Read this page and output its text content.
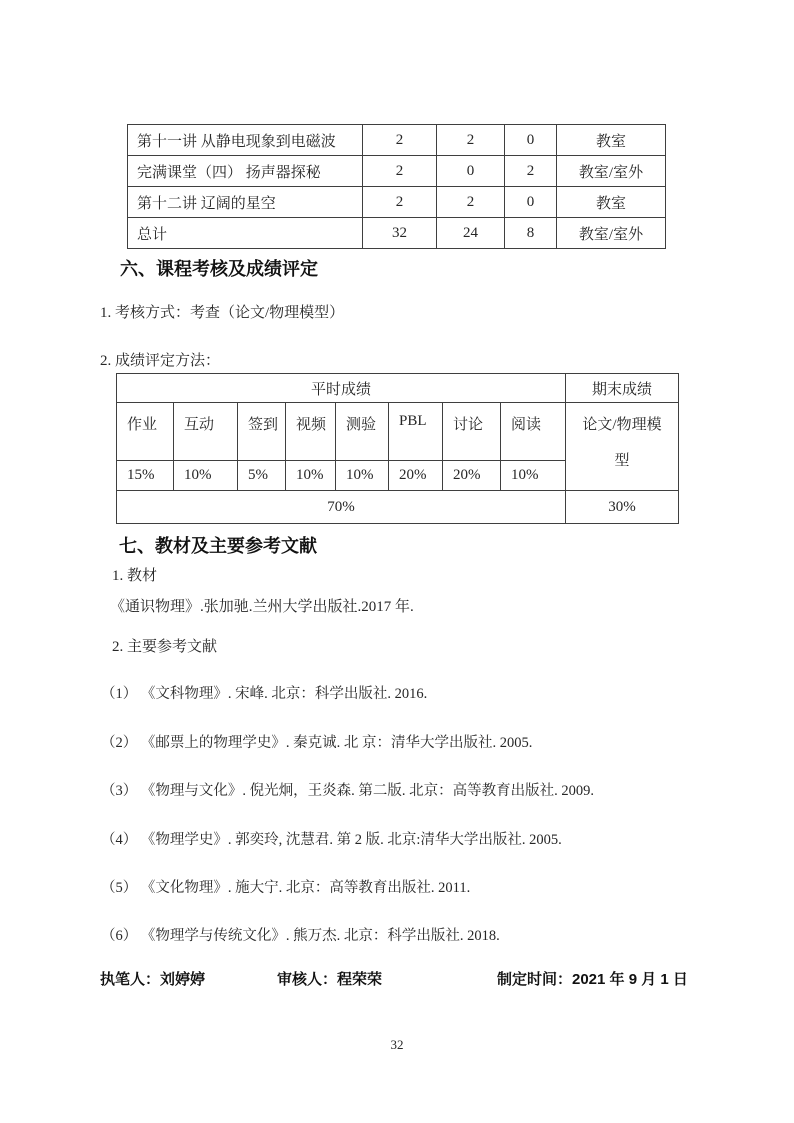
第十一讲 从静电现象到电磁波	2	2	0	教室
完满课堂（四） 扬声器探秘	2	0	2	教室/室外
第十二讲 辽阔的星空	2	2	0	教室
总计	32	24	8	教室/室外
六、课程考核及成绩评定
1. 考核方式：考查（论文/物理模型）
2. 成绩评定方法：
平时成绩								期末成绩
作业	互动	签到	视频	测验	PBL	讨论	阅读	论文/物理模型
15%	10%	5%	10%	10%	20%	20%	10%	
70%								30%
七、教材及主要参考文献
1. 教材
《通识物理》.张加驰.兰州大学出版社.2017 年.
2. 主要参考文献
（1） 《文科物理》. 宋峰. 北京：科学出版社. 2016.
（2） 《邮票上的物理学史》. 秦克诚. 北 京：清华大学出版社. 2005.
（3） 《物理与文化》. 倪光炯，王炎森. 第二版. 北京：高等教育出版社. 2009.
（4） 《物理学史》. 郭奕玲, 沈慧君. 第 2 版. 北京:清华大学出版社. 2005.
（5） 《文化物理》. 施大宁. 北京：高等教育出版社. 2011.
（6） 《物理学与传统文化》. 熊万杰. 北京：科学出版社. 2018.
执笔人：刘婷婷	审核人：程荣荣	制定时间：2021 年 9 月 1 日
32
